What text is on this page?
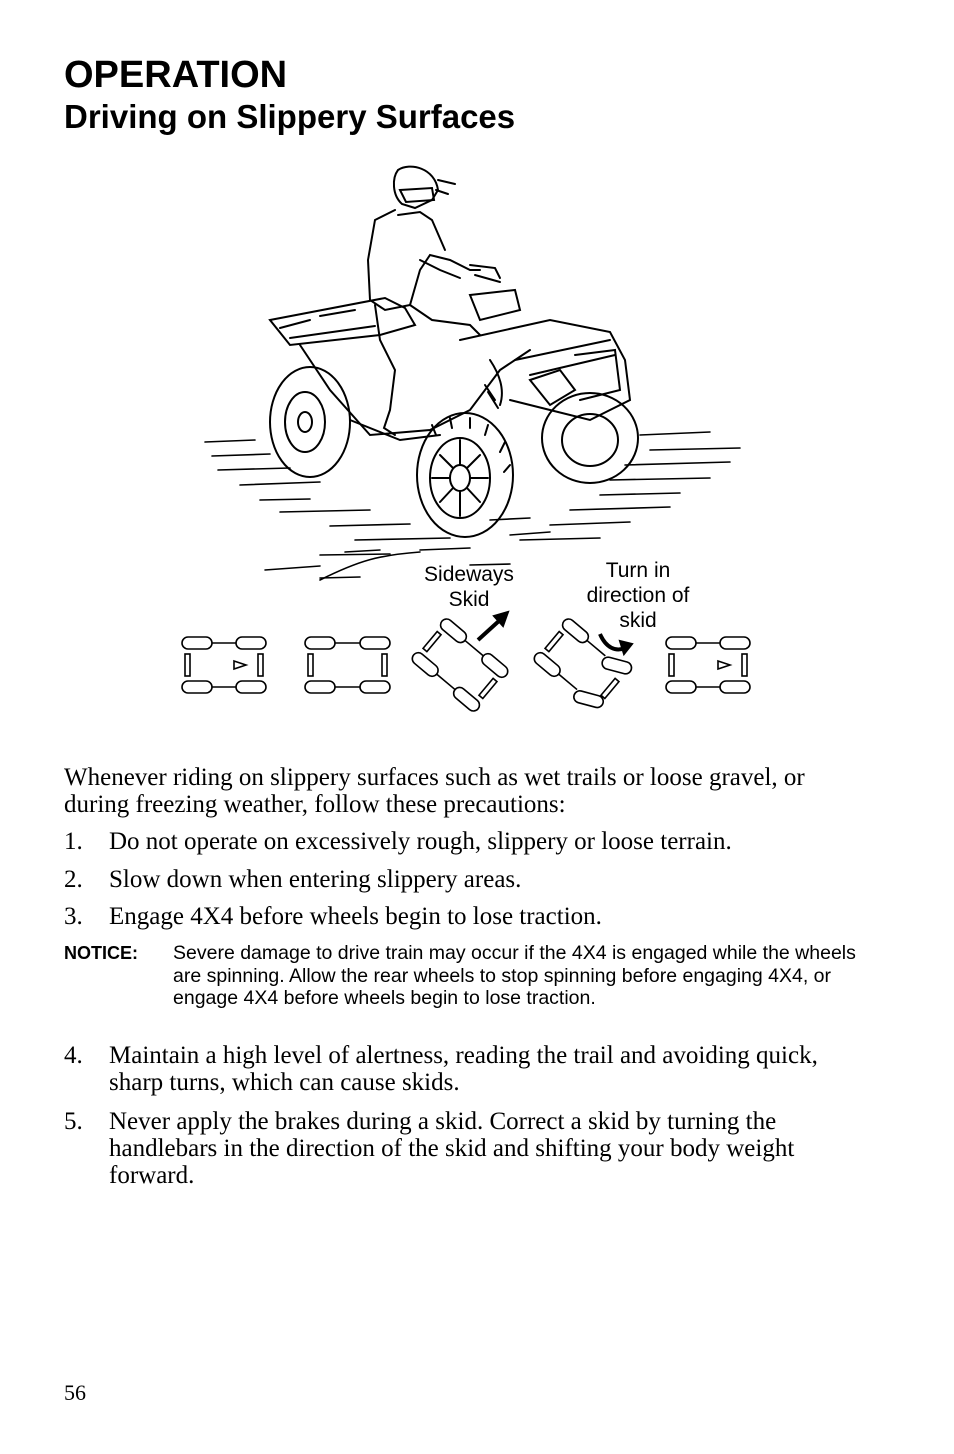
OPERATION
Driving on Slippery Surfaces
Sideways
Skid
Turn in
direction of
skid

Whenever riding on slippery surfaces such as wet trails or loose gravel, or during freezing weather, follow these precautions:

1.	Do not operate on excessively rough, slippery or loose terrain.
2.	Slow down when entering slippery areas.
3.	Engage 4X4 before wheels begin to lose traction.
NOTICE:	Severe damage to drive train may occur if the 4X4 is engaged while the wheels are spinning. Allow the rear wheels to stop spinning before engaging 4X4, or engage 4X4 before wheels begin to lose traction.
4.	Maintain a high level of alertness, reading the trail and avoiding quick, sharp turns, which can cause skids.
5.	Never apply the brakes during a skid. Correct a skid by turning the handlebars in the direction of the skid and shifting your body weight forward.
56
